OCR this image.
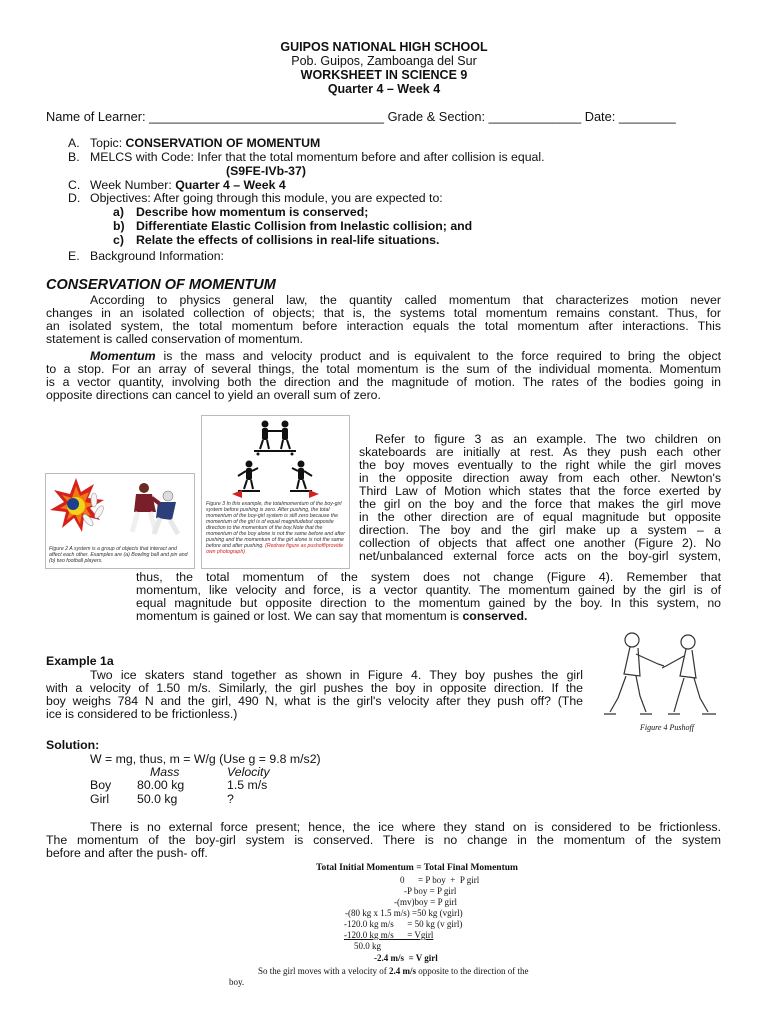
GUIPOS NATIONAL HIGH SCHOOL
Pob. Guipos, Zamboanga del Sur
WORKSHEET IN SCIENCE 9
Quarter 4 – Week 4
Name of Learner: _________________________________ Grade & Section: _____________ Date: ________
A. Topic: CONSERVATION OF MOMENTUM
B. MELCS with Code: Infer that the total momentum before and after collision is equal.
(S9FE-IVb-37)
C. Week Number: Quarter 4 – Week 4
D. Objectives: After going through this module, you are expected to:
a) Describe how momentum is conserved;
b) Differentiate Elastic Collision from Inelastic collision; and
c) Relate the effects of collisions in real-life situations.
E. Background Information:
CONSERVATION OF MOMENTUM
According to physics general law, the quantity called momentum that characterizes motion never
changes in an isolated collection of objects; that is, the systems total momentum remains constant. Thus, for
an isolated system, the total momentum before interaction equals the total momentum after interactions. This
statement is called conservation of momentum.
Momentum is the mass and velocity product and is equivalent to the force required to bring the object
to a stop. For an array of several things, the total momentum is the sum of the individual momenta. Momentum
is a vector quantity, involving both the direction and the magnitude of motion. The rates of the bodies going in
opposite directions can cancel to yield an overall sum of zero.
Figure 2 A system is a group of objects that interact and affect each other. Examples are (a) Bowling ball and pin and (b) two football players.
Figure 3 In this example, the totalmomentum of the boy-girl system before pushing is zero. After pushing, the total momentum of the boy-girl system is still zero because the momentum of the girl is of equal magnitudebut opposite direction to the momentum of the boy.Note that the momentum of the boy alone is not the same before and after pushing and the momentum of the girl alone is not the same before and after pushing. (Redraw figure as pushoff/provide own photograph)
Refer to figure 3 as an example. The two children on
skateboards are initially at rest. As they push each other
the boy moves eventually to the right while the girl moves
in the opposite direction away from each other. Newton's
Third Law of Motion which states that the force exerted by
the girl on the boy and the force that makes the girl move
in the other direction are of equal magnitude but opposite
direction. The boy and the girl make up a system – a
collection of objects that affect one another (Figure 2). No
net/unbalanced external force acts on the boy-girl system,
thus, the total momentum of the system does not change (Figure 4). Remember that
momentum, like velocity and force, is a vector quantity. The momentum gained by the girl is of
equal magnitude but opposite direction to the momentum gained by the boy. In this system, no
momentum is gained or lost. We can say that momentum is conserved.
Example 1a
Two ice skaters stand together as shown in Figure 4. They boy pushes the girl
with a velocity of 1.50 m/s. Similarly, the girl pushes the boy in opposite direction. If the
boy weighs 784 N and the girl, 490 N, what is the girl's velocity after they push off? (The
ice is considered to be frictionless.)
Figure 4 Pushoff
Solution:
W = mg, thus, m = W/g (Use g = 9.8 m/s2)
Mass	Velocity
Boy 80.00 kg	1.5 m/s
Girl 50.0 kg	?
There is no external force present; hence, the ice where they stand on is considered to be frictionless.
The momentum of the boy-girl system is conserved. There is no change in the momentum of the system
before and after the push- off.
Total Initial Momentum = Total Final Momentum
0      = P boy  +  P girl
-P boy = P girl
-(mv)boy = P girl
-(80 kg x 1.5 m/s) =50 kg (vgirl)
-120.0 kg m/s      = 50 kg (v girl)
-120.0 kg m/s      = Vgirl
50.0 kg
-2.4 m/s  = V girl
So the girl moves with a velocity of 2.4 m/s opposite to the direction of the
boy.
